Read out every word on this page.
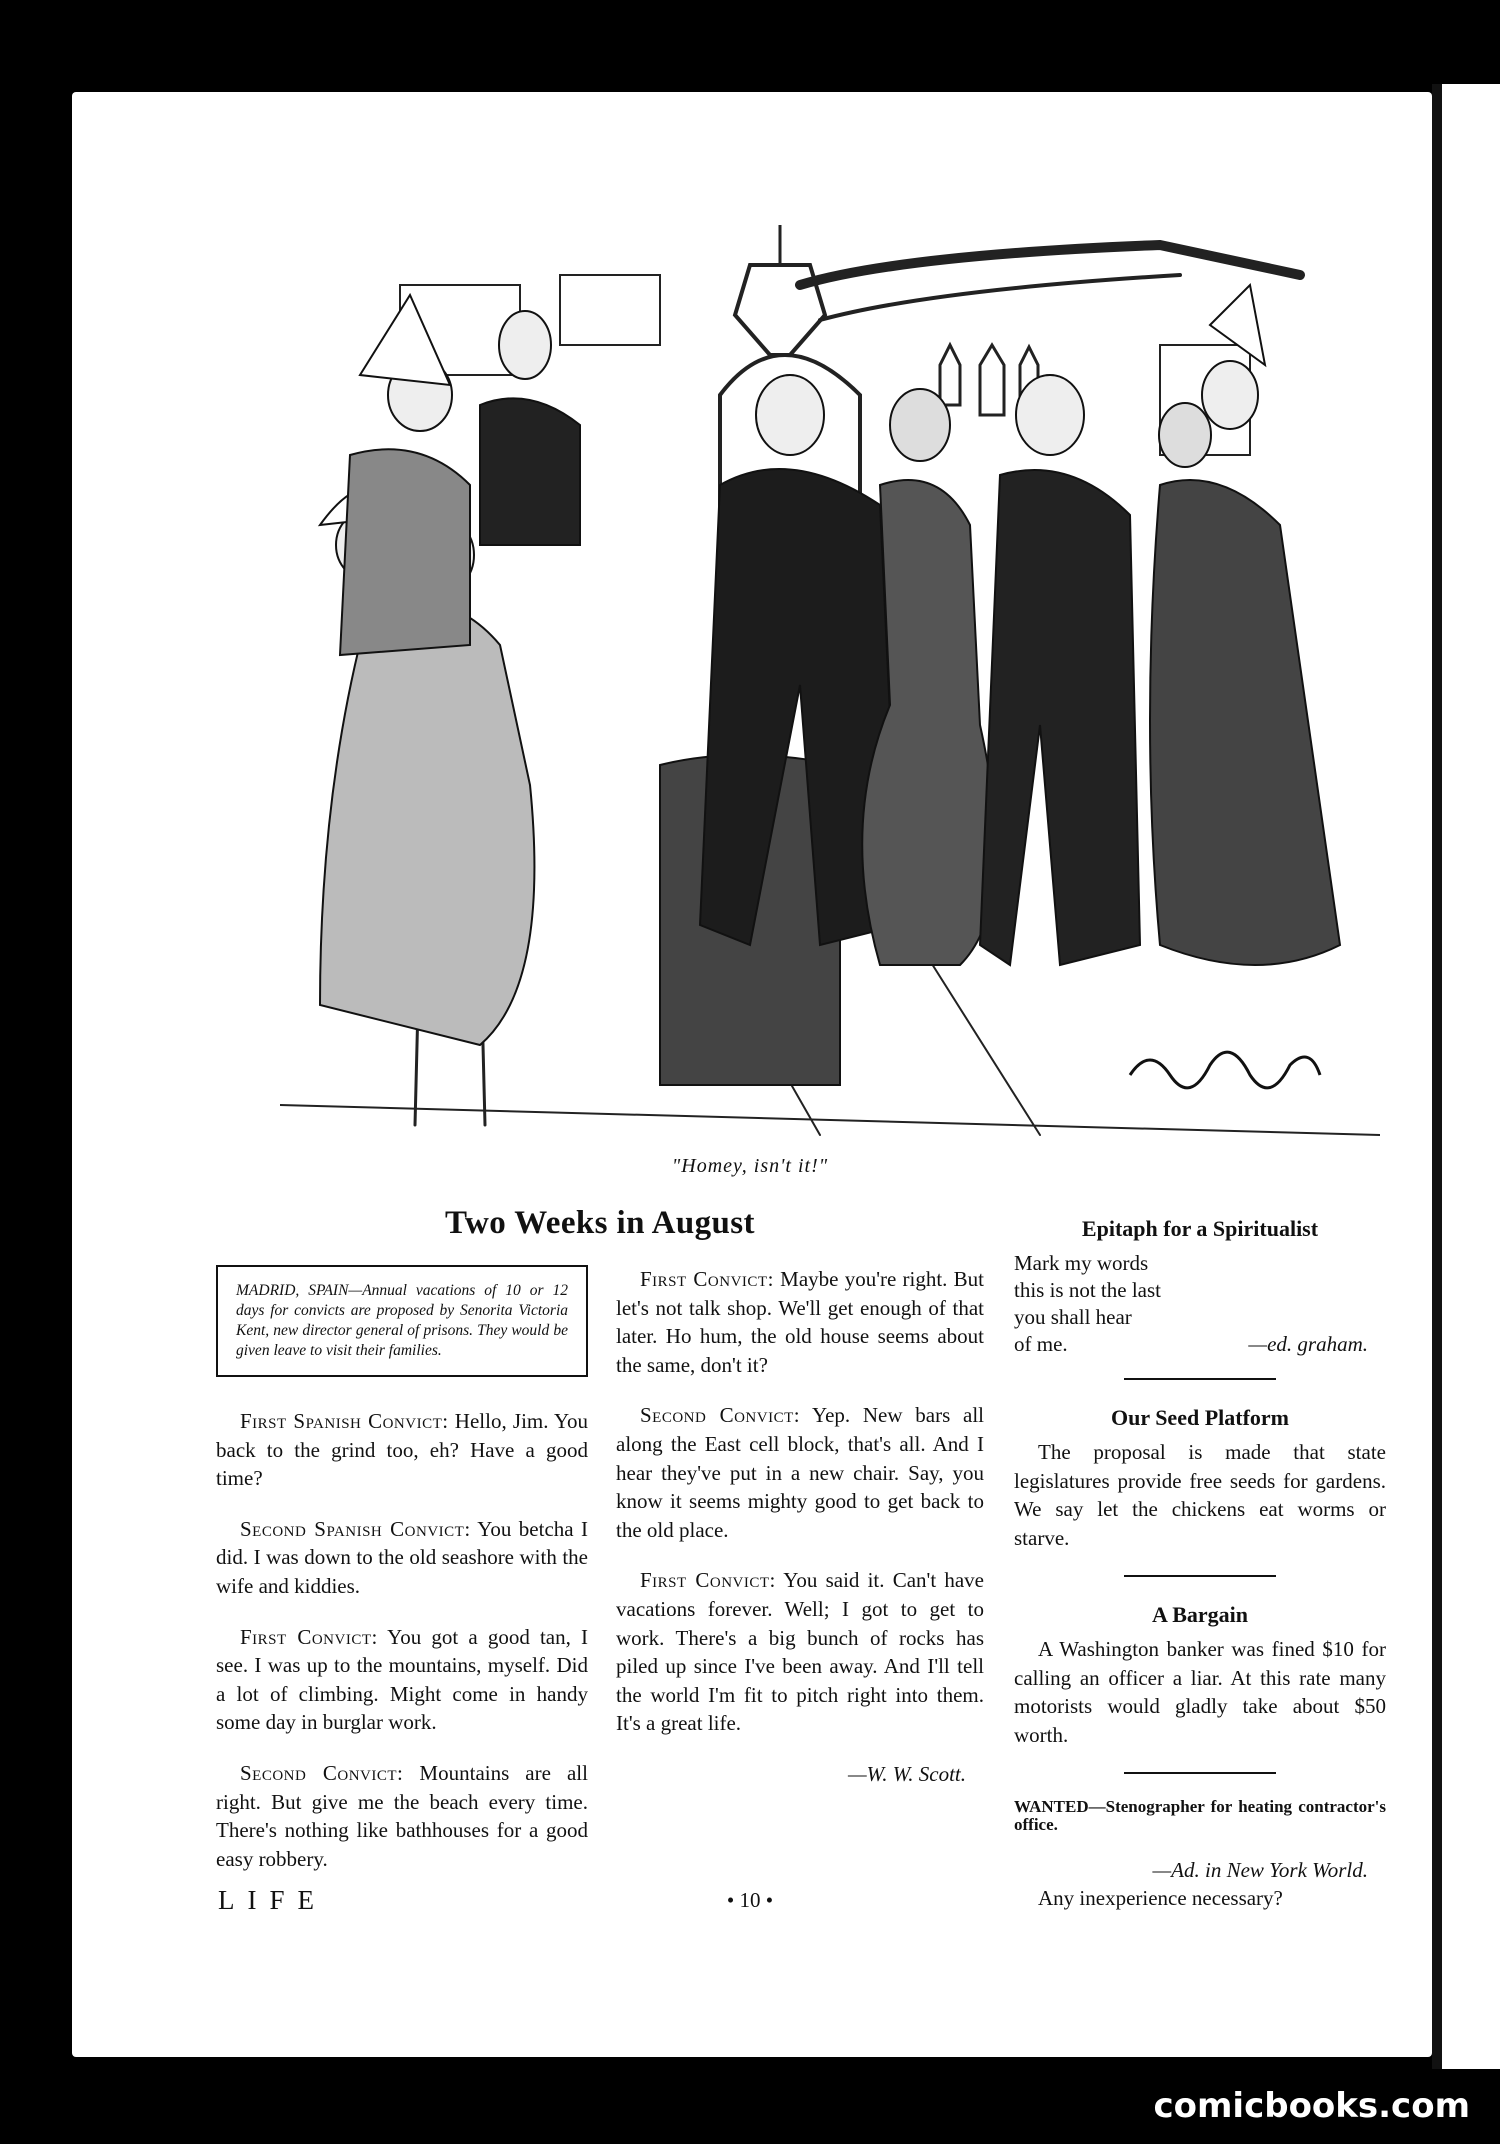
"Homey, isn't it!"
Two Weeks in August
MADRID, SPAIN—Annual vacations of 10 or 12 days for convicts are proposed by Senorita Victoria Kent, new director general of prisons. They would be given leave to visit their families.

First Spanish Convict: Hello, Jim. You back to the grind too, eh? Have a good time?

Second Spanish Convict: You betcha I did. I was down to the old seashore with the wife and kiddies.

First Convict: You got a good tan, I see. I was up to the mountains, myself. Did a lot of climbing. Might come in handy some day in burglar work.

Second Convict: Mountains are all right. But give me the beach every time. There's nothing like bathhouses for a good easy robbery.

First Convict: Maybe you're right. But let's not talk shop. We'll get enough of that later. Ho hum, the old house seems about the same, don't it?

Second Convict: Yep. New bars all along the East cell block, that's all. And I hear they've put in a new chair. Say, you know it seems mighty good to get back to the old place.

First Convict: You said it. Can't have vacations forever. Well; I got to get to work. There's a big bunch of rocks has piled up since I've been away. And I'll tell the world I'm fit to pitch right into them. It's a great life.

—W. W. Scott.
Epitaph for a Spiritualist
Mark my words
this is not the last
you shall hear
of me.	—ed. graham.
Our Seed Platform

The proposal is made that state legislatures provide free seeds for gardens. We say let the chickens eat worms or starve.

A Bargain

A Washington banker was fined $10 for calling an officer a liar. At this rate many motorists would gladly take about $50 worth.

WANTED—Stenographer for heating contractor's office.

—Ad. in New York World.

Any inexperience necessary?

LIFE	• 10 •
comicbooks.com
